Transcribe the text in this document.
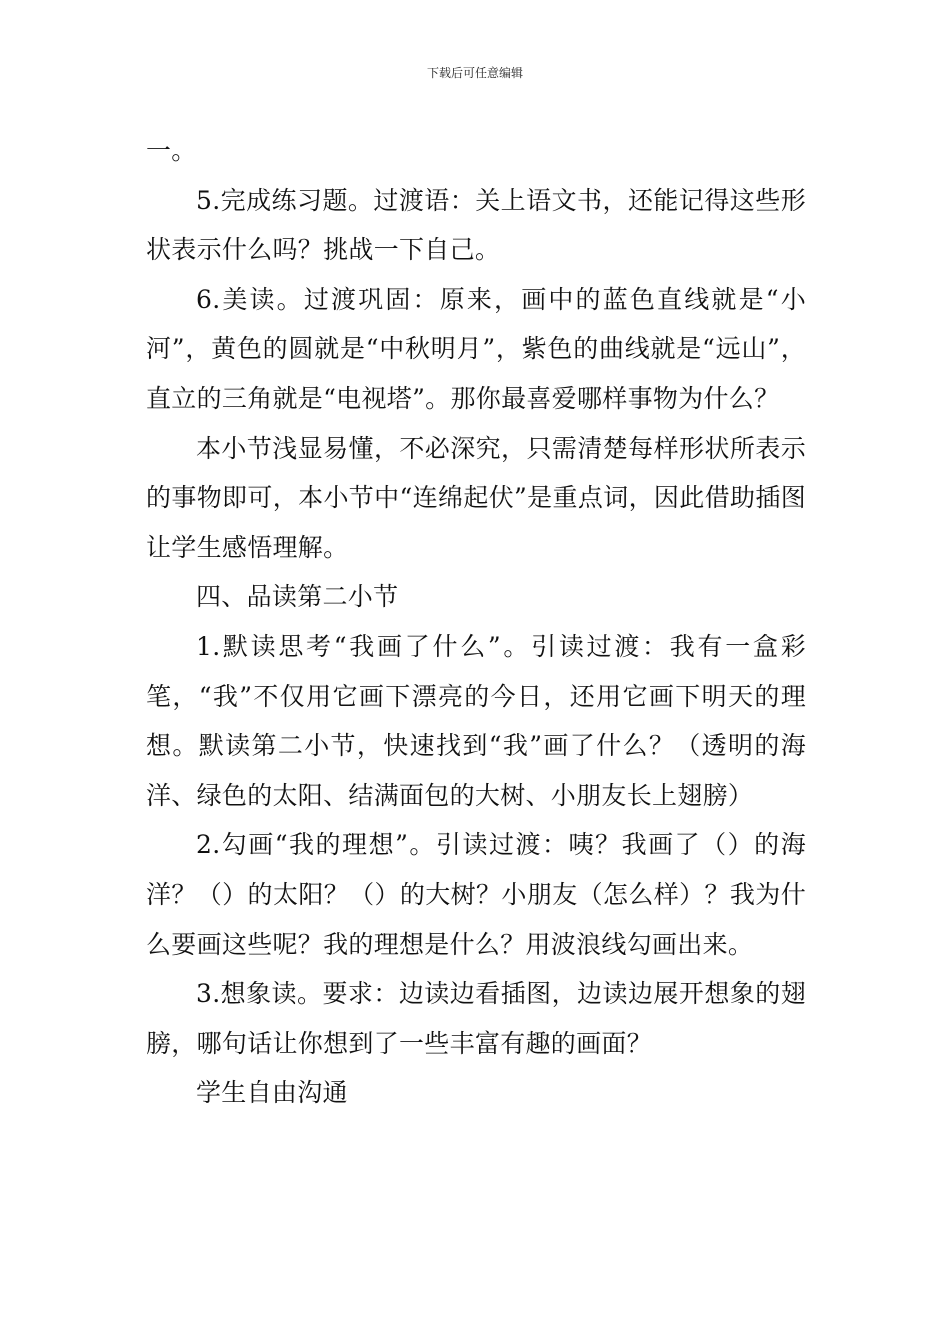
下载后可任意编辑

一。

5.完成练习题。过渡语：关上语文书，还能记得这些形状表示什么吗？挑战一下自己。

6.美读。过渡巩固：原来，画中的蓝色直线就是“小河”，黄色的圆就是“中秋明月”，紫色的曲线就是“远山”，直立的三角就是“电视塔”。那你最喜爱哪样事物为什么？

本小节浅显易懂，不必深究，只需清楚每样形状所表示的事物即可，本小节中“连绵起伏”是重点词，因此借助插图让学生感悟理解。

四、品读第二小节

1.默读思考“我画了什么”。引读过渡：我有一盒彩笔，“我”不仅用它画下漂亮的今日，还用它画下明天的理想。默读第二小节，快速找到“我”画了什么？（透明的海洋、绿色的太阳、结满面包的大树、小朋友长上翅膀）

2.勾画“我的理想”。引读过渡：咦？我画了（）的海洋？（）的太阳？（）的大树？小朋友（怎么样）？我为什么要画这些呢？我的理想是什么？用波浪线勾画出来。

3.想象读。要求：边读边看插图，边读边展开想象的翅膀，哪句话让你想到了一些丰富有趣的画面？

学生自由沟通
